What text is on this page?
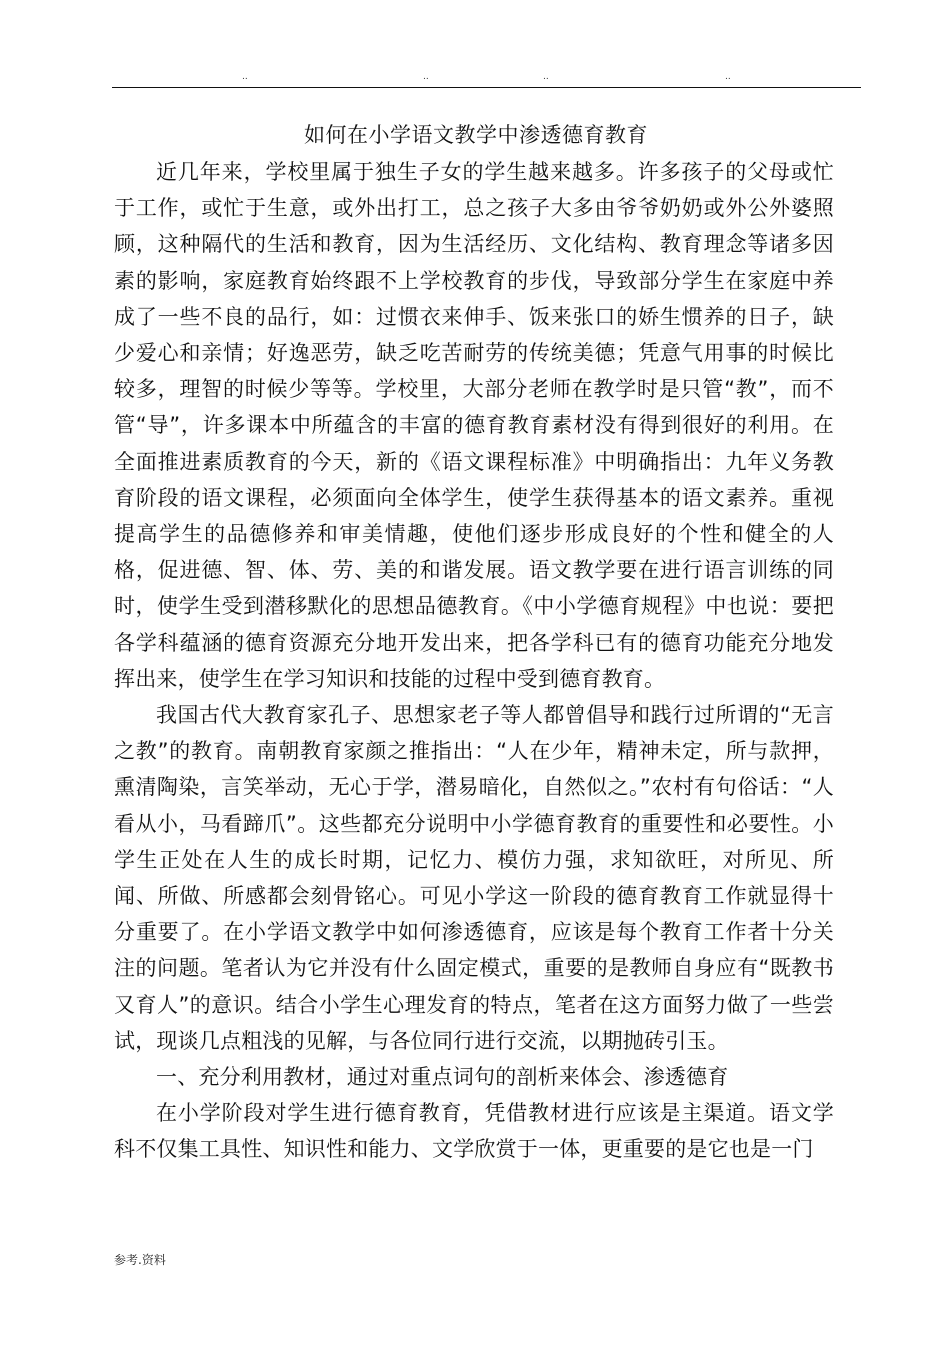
..	..	..	..
如何在小学语文教学中渗透德育教育

近几年来，学校里属于独生子女的学生越来越多。许多孩子的父母或忙于工作，或忙于生意，或外出打工，总之孩子大多由爷爷奶奶或外公外婆照顾，这种隔代的生活和教育，因为生活经历、文化结构、教育理念等诸多因素的影响，家庭教育始终跟不上学校教育的步伐，导致部分学生在家庭中养成了一些不良的品行，如：过惯衣来伸手、饭来张口的娇生惯养的日子，缺少爱心和亲情；好逸恶劳，缺乏吃苦耐劳的传统美德；凭意气用事的时候比较多，理智的时候少等等。学校里，大部分老师在教学时是只管“教”，而不管“导”，许多课本中所蕴含的丰富的德育教育素材没有得到很好的利用。在全面推进素质教育的今天，新的《语文课程标准》中明确指出：九年义务教育阶段的语文课程，必须面向全体学生，使学生获得基本的语文素养。重视提高学生的品德修养和审美情趣，使他们逐步形成良好的个性和健全的人格，促进德、智、体、劳、美的和谐发展。语文教学要在进行语言训练的同时，使学生受到潜移默化的思想品德教育。《中小学德育规程》中也说：要把各学科蕴涵的德育资源充分地开发出来，把各学科已有的德育功能充分地发挥出来，使学生在学习知识和技能的过程中受到德育教育。

我国古代大教育家孔子、思想家老子等人都曾倡导和践行过所谓的“无言之教”的教育。南朝教育家颜之推指出：“人在少年，精神未定，所与款押，熏清陶染，言笑举动，无心于学，潜易暗化，自然似之。”农村有句俗话：“人看从小，马看蹄爪”。这些都充分说明中小学德育教育的重要性和必要性。小学生正处在人生的成长时期，记忆力、模仿力强，求知欲旺，对所见、所闻、所做、所感都会刻骨铭心。可见小学这一阶段的德育教育工作就显得十分重要了。在小学语文教学中如何渗透德育，应该是每个教育工作者十分关注的问题。笔者认为它并没有什么固定模式，重要的是教师自身应有“既教书又育人”的意识。结合小学生心理发育的特点，笔者在这方面努力做了一些尝试，现谈几点粗浅的见解，与各位同行进行交流，以期抛砖引玉。

一、充分利用教材，通过对重点词句的剖析来体会、渗透德育

在小学阶段对学生进行德育教育，凭借教材进行应该是主渠道。语文学科不仅集工具性、知识性和能力、文学欣赏于一体，更重要的是它也是一门

参考.资料
